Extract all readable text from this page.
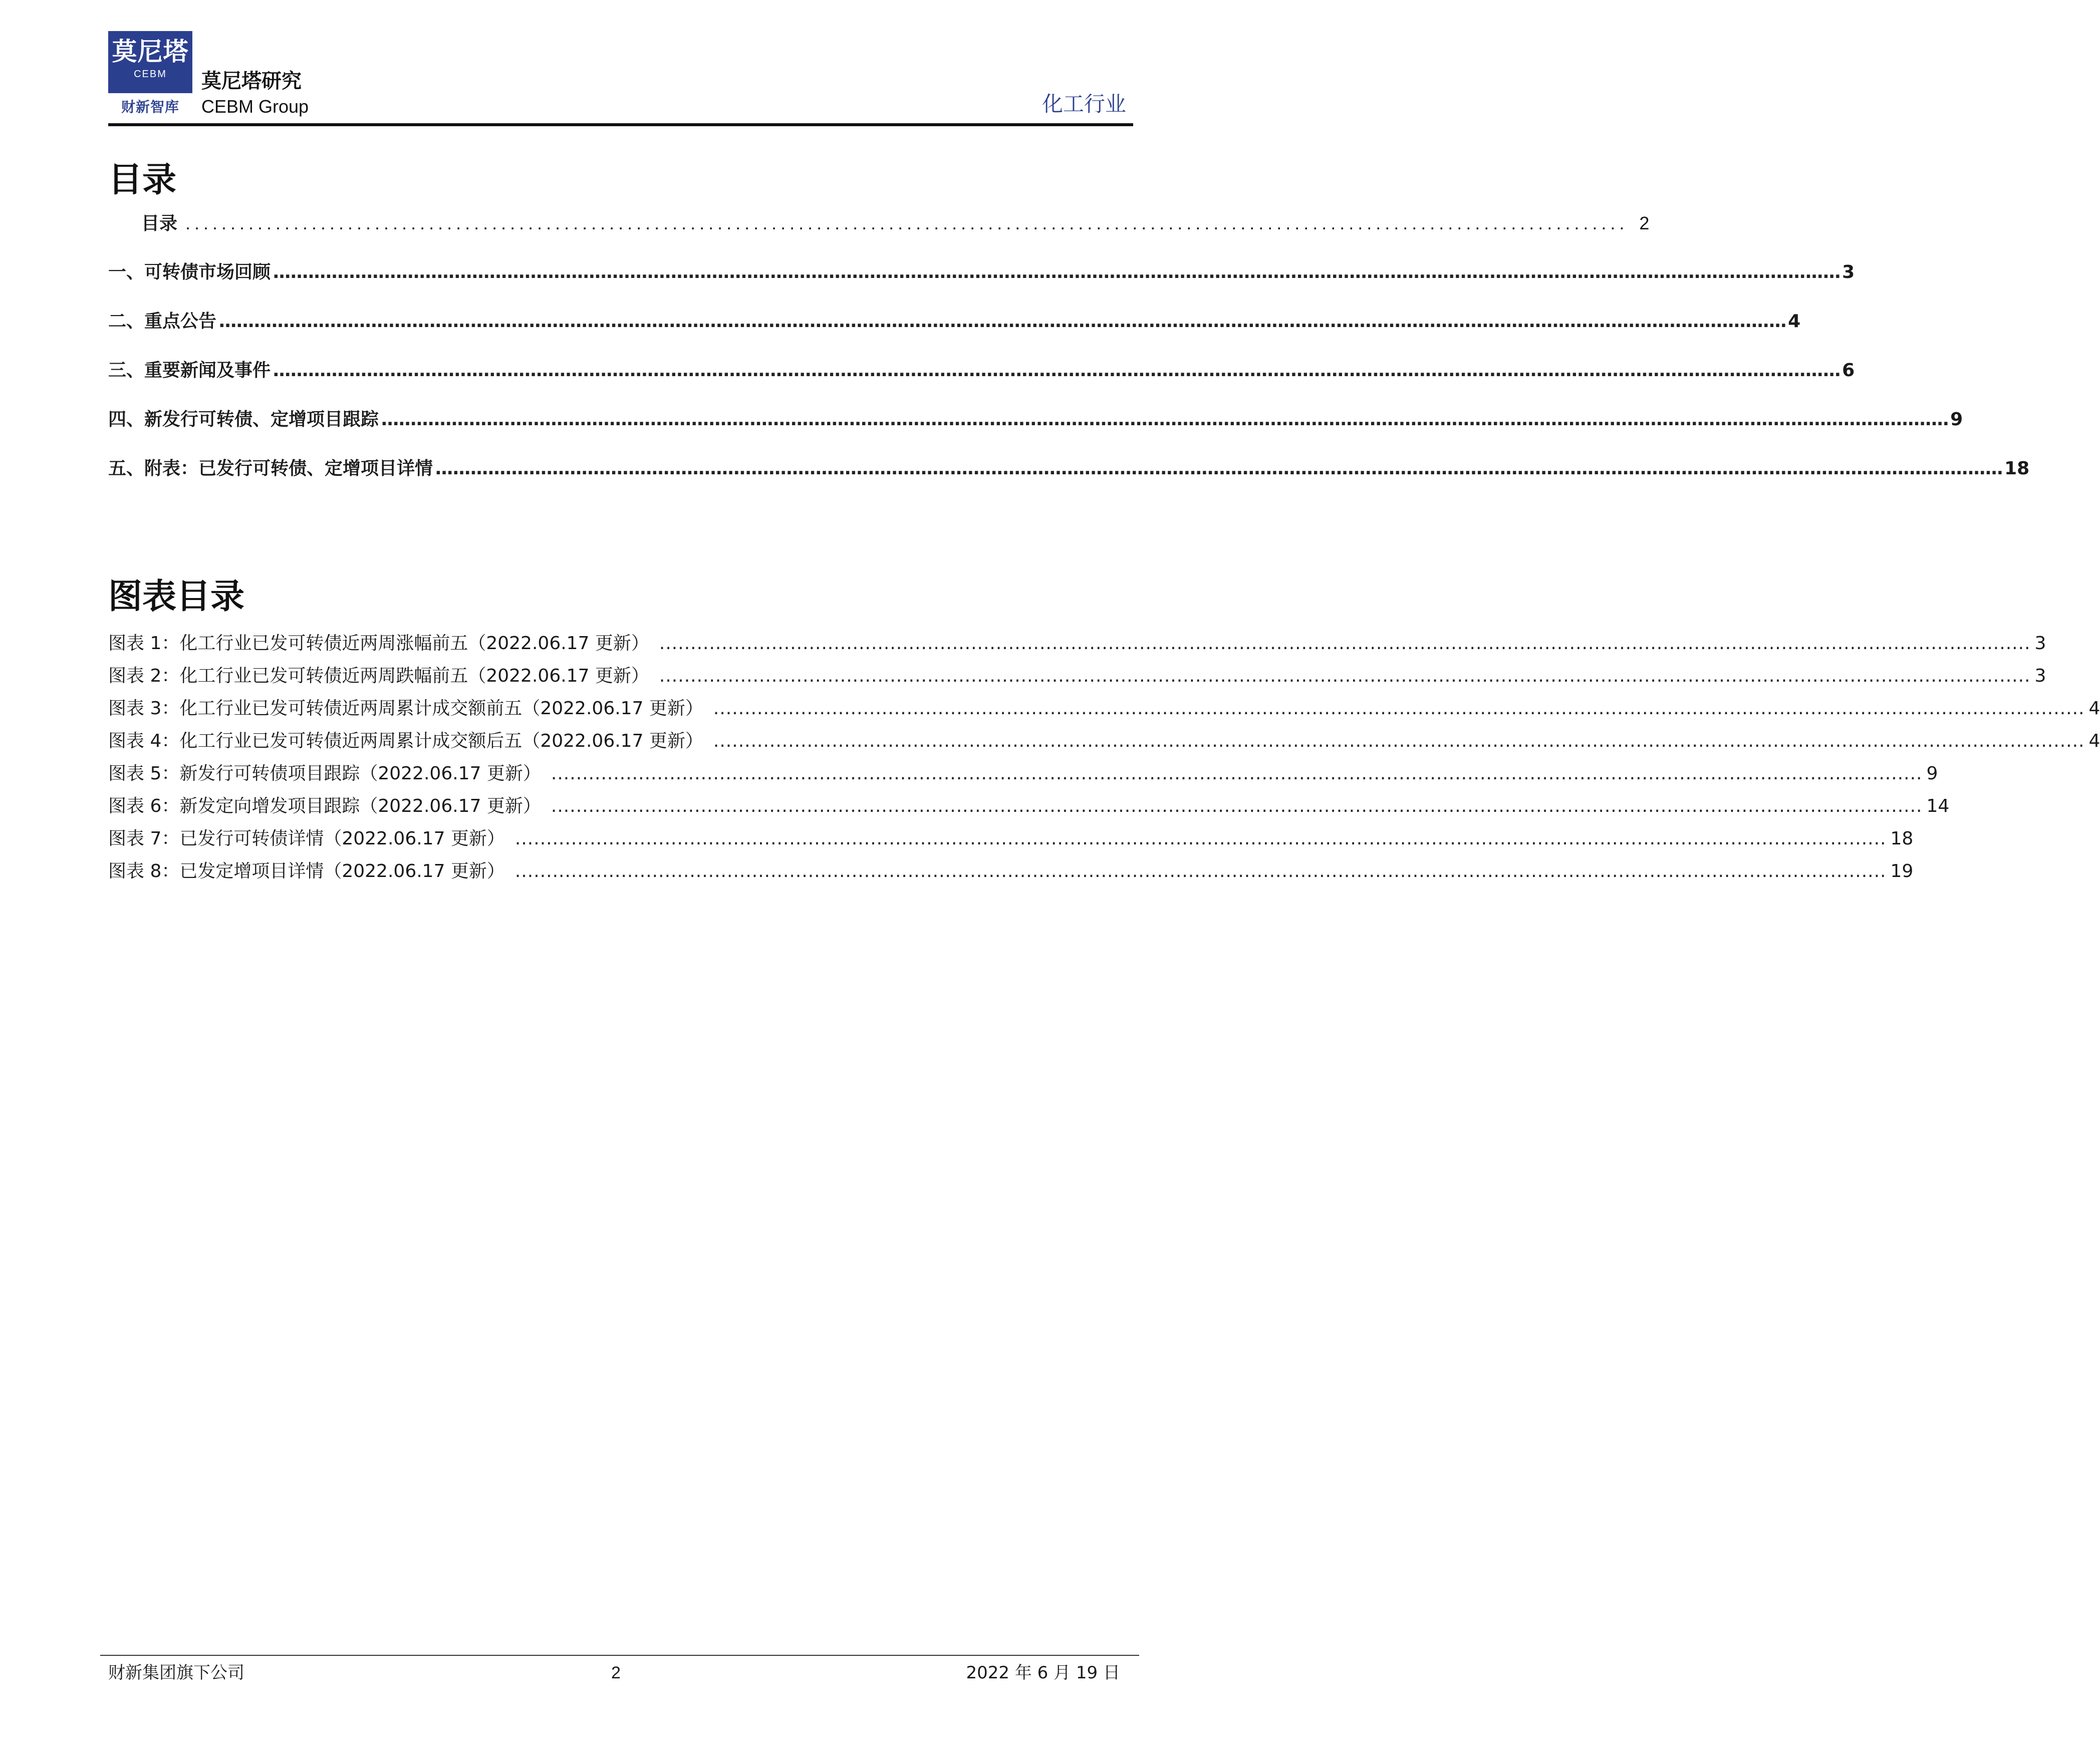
莫尼塔
CEBM
财新智库
莫尼塔研究
CEBM Group	化工行业
目录
目录 ................................................................................................................................................................ 2
一、可转债市场回顾 ............................................................................................................................................................................................................................................................................ 3
二、重点公告 ............................................................................................................................................................................................................................................................................ 4
三、重要新闻及事件 ............................................................................................................................................................................................................................................................................ 6
四、新发行可转债、定增项目跟踪 ............................................................................................................................................................................................................................................................................ 9
五、附表：已发行可转债、定增项目详情 ............................................................................................................................................................................................................................................................................ 18
图表目录
图表 1：化工行业已发可转债近两周涨幅前五（2022.06.17 更新） ............................................................................................................................................................................................................................ 3
图表 2：化工行业已发可转债近两周跌幅前五（2022.06.17 更新） ............................................................................................................................................................................................................................ 3
图表 3：化工行业已发可转债近两周累计成交额前五（2022.06.17 更新） ............................................................................................................................................................................................................................ 4
图表 4：化工行业已发可转债近两周累计成交额后五（2022.06.17 更新） ............................................................................................................................................................................................................................ 4
图表 5：新发行可转债项目跟踪（2022.06.17 更新） ............................................................................................................................................................................................................................ 9
图表 6：新发定向增发项目跟踪（2022.06.17 更新） ............................................................................................................................................................................................................................ 14
图表 7：已发行可转债详情（2022.06.17 更新） ............................................................................................................................................................................................................................ 18
图表 8：已发定增项目详情（2022.06.17 更新） ............................................................................................................................................................................................................................ 19
财新集团旗下公司	2	2022 年 6 月 19 日
